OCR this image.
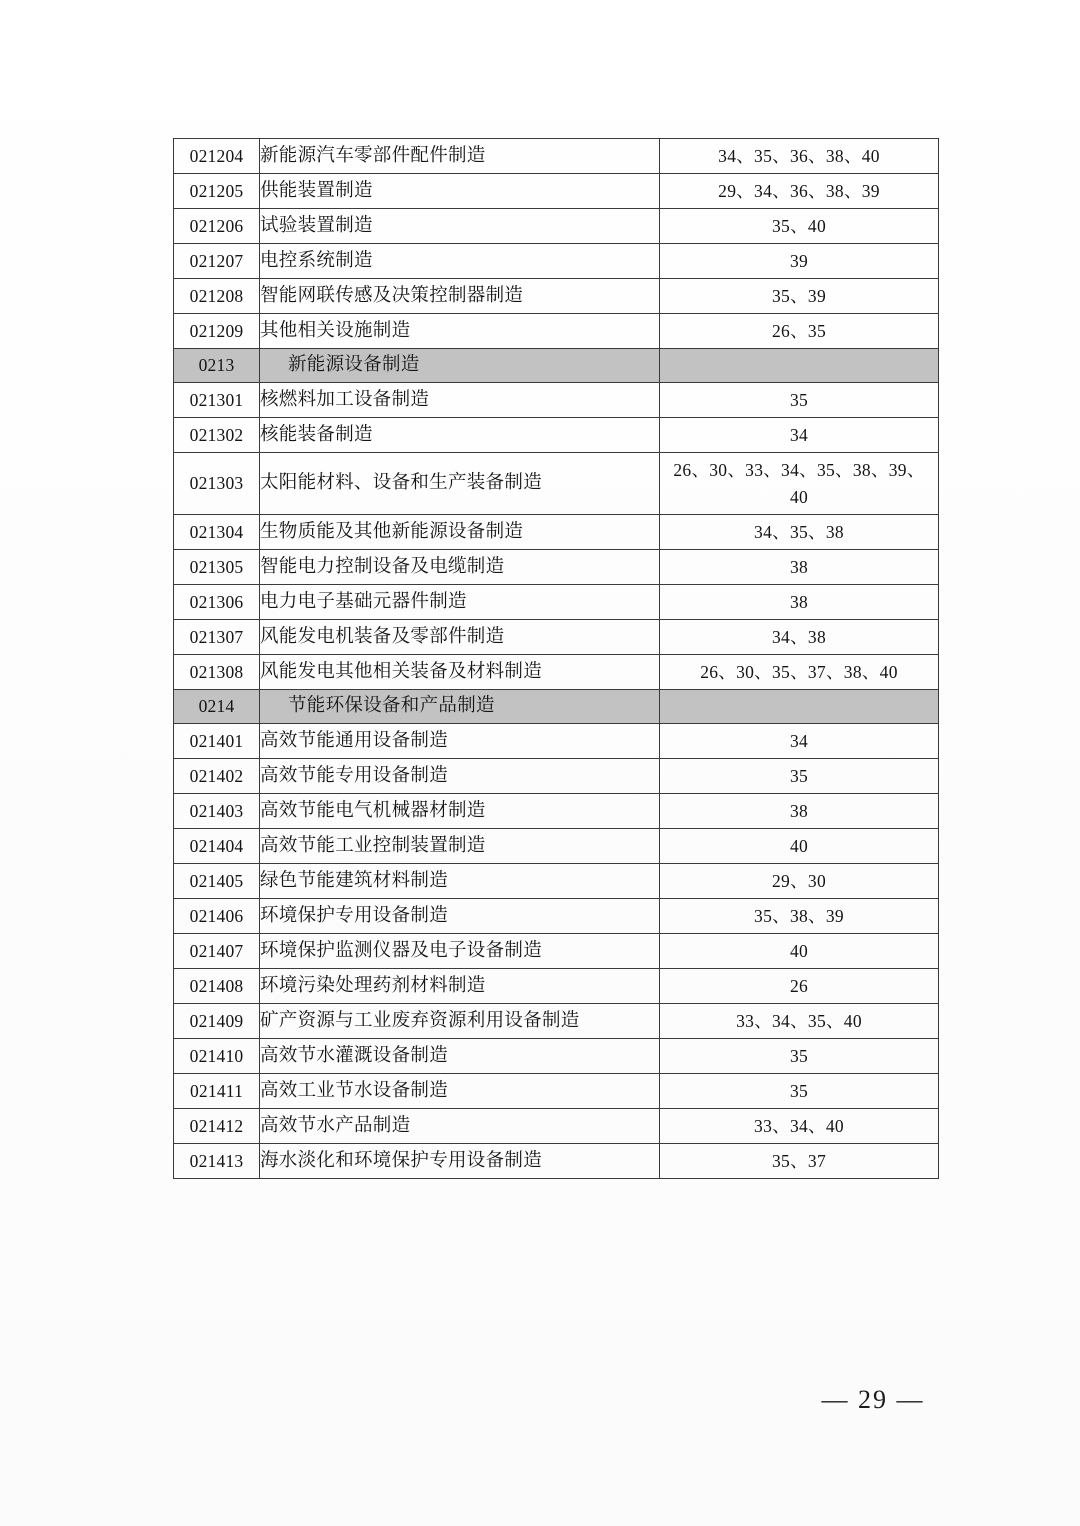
021204	新能源汽车零部件配件制造	34、35、36、38、40
021205	供能装置制造	29、34、36、38、39
021206	试验装置制造	35、40
021207	电控系统制造	39
021208	智能网联传感及决策控制器制造	35、39
021209	其他相关设施制造	26、35
0213	新能源设备制造	
021301	核燃料加工设备制造	35
021302	核能装备制造	34
021303	太阳能材料、设备和生产装备制造	26、30、33、34、35、38、39、40
021304	生物质能及其他新能源设备制造	34、35、38
021305	智能电力控制设备及电缆制造	38
021306	电力电子基础元器件制造	38
021307	风能发电机装备及零部件制造	34、38
021308	风能发电其他相关装备及材料制造	26、30、35、37、38、40
0214	节能环保设备和产品制造	
021401	高效节能通用设备制造	34
021402	高效节能专用设备制造	35
021403	高效节能电气机械器材制造	38
021404	高效节能工业控制装置制造	40
021405	绿色节能建筑材料制造	29、30
021406	环境保护专用设备制造	35、38、39
021407	环境保护监测仪器及电子设备制造	40
021408	环境污染处理药剂材料制造	26
021409	矿产资源与工业废弃资源利用设备制造	33、34、35、40
021410	高效节水灌溉设备制造	35
021411	高效工业节水设备制造	35
021412	高效节水产品制造	33、34、40
021413	海水淡化和环境保护专用设备制造	35、37
— 29 —
